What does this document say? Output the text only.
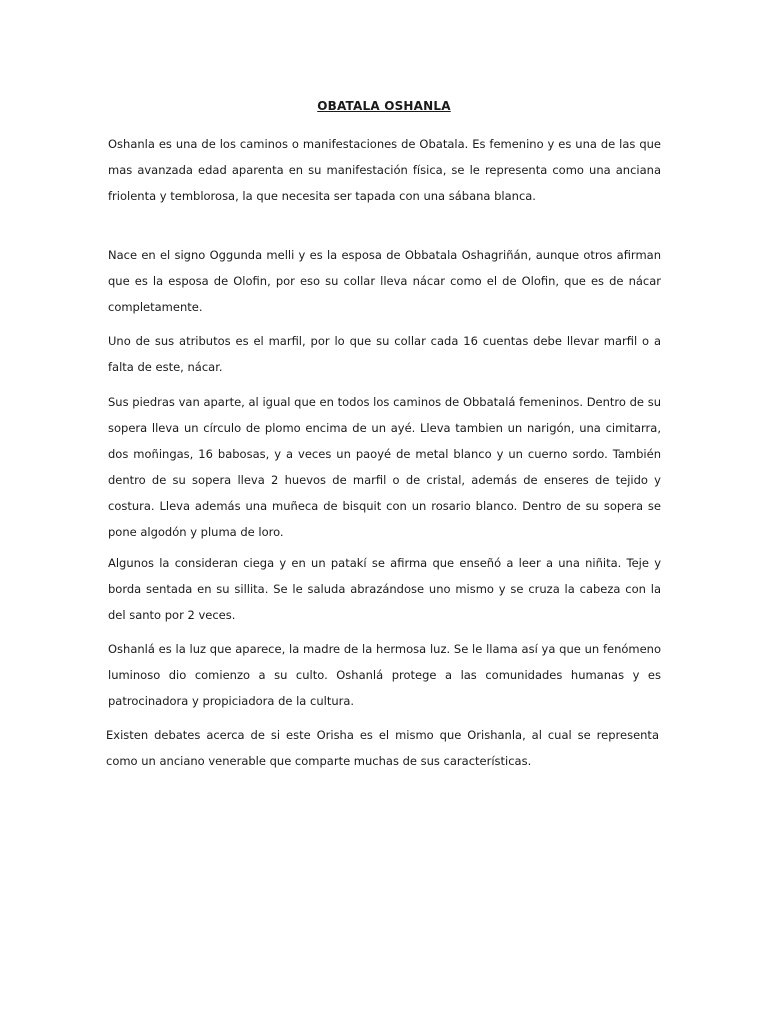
OBATALA OSHANLA

Oshanla es una de los caminos o manifestaciones de Obatala. Es femenino y es una de las que mas avanzada edad aparenta en su manifestación física, se le representa como una anciana friolenta y temblorosa, la que necesita ser tapada con una sábana blanca.

Nace en el signo Oggunda melli y es la esposa de Obbatala Oshagriñán, aunque otros afirman que es la esposa de Olofin, por eso su collar lleva nácar como el de Olofin, que es de nácar completamente.

Uno de sus atributos es el marfil, por lo que su collar cada 16 cuentas debe llevar marfil o a falta de este, nácar.

Sus piedras van aparte, al igual que en todos los caminos de Obbatalá femeninos. Dentro de su sopera lleva un círculo de plomo encima de un ayé. Lleva tambien un narigón, una cimitarra, dos moñingas, 16 babosas, y a veces un paoyé de metal blanco y un cuerno sordo. También dentro de su sopera lleva 2 huevos de marfil o de cristal, además de enseres de tejido y costura. Lleva además una muñeca de bisquit con un rosario blanco. Dentro de su sopera se pone algodón y pluma de loro.

Algunos la consideran ciega y en un patakí se afirma que enseñó a leer a una niñita. Teje y borda sentada en su sillita. Se le saluda abrazándose uno mismo y se cruza la cabeza con la del santo por 2 veces.

Oshanlá es la luz que aparece, la madre de la hermosa luz. Se le llama así ya que un fenómeno luminoso dio comienzo a su culto. Oshanlá protege a las comunidades humanas y es patrocinadora y propiciadora de la cultura.

Existen debates acerca de si este Orisha es el mismo que Orishanla, al cual se representa como un anciano venerable que comparte muchas de sus características.
